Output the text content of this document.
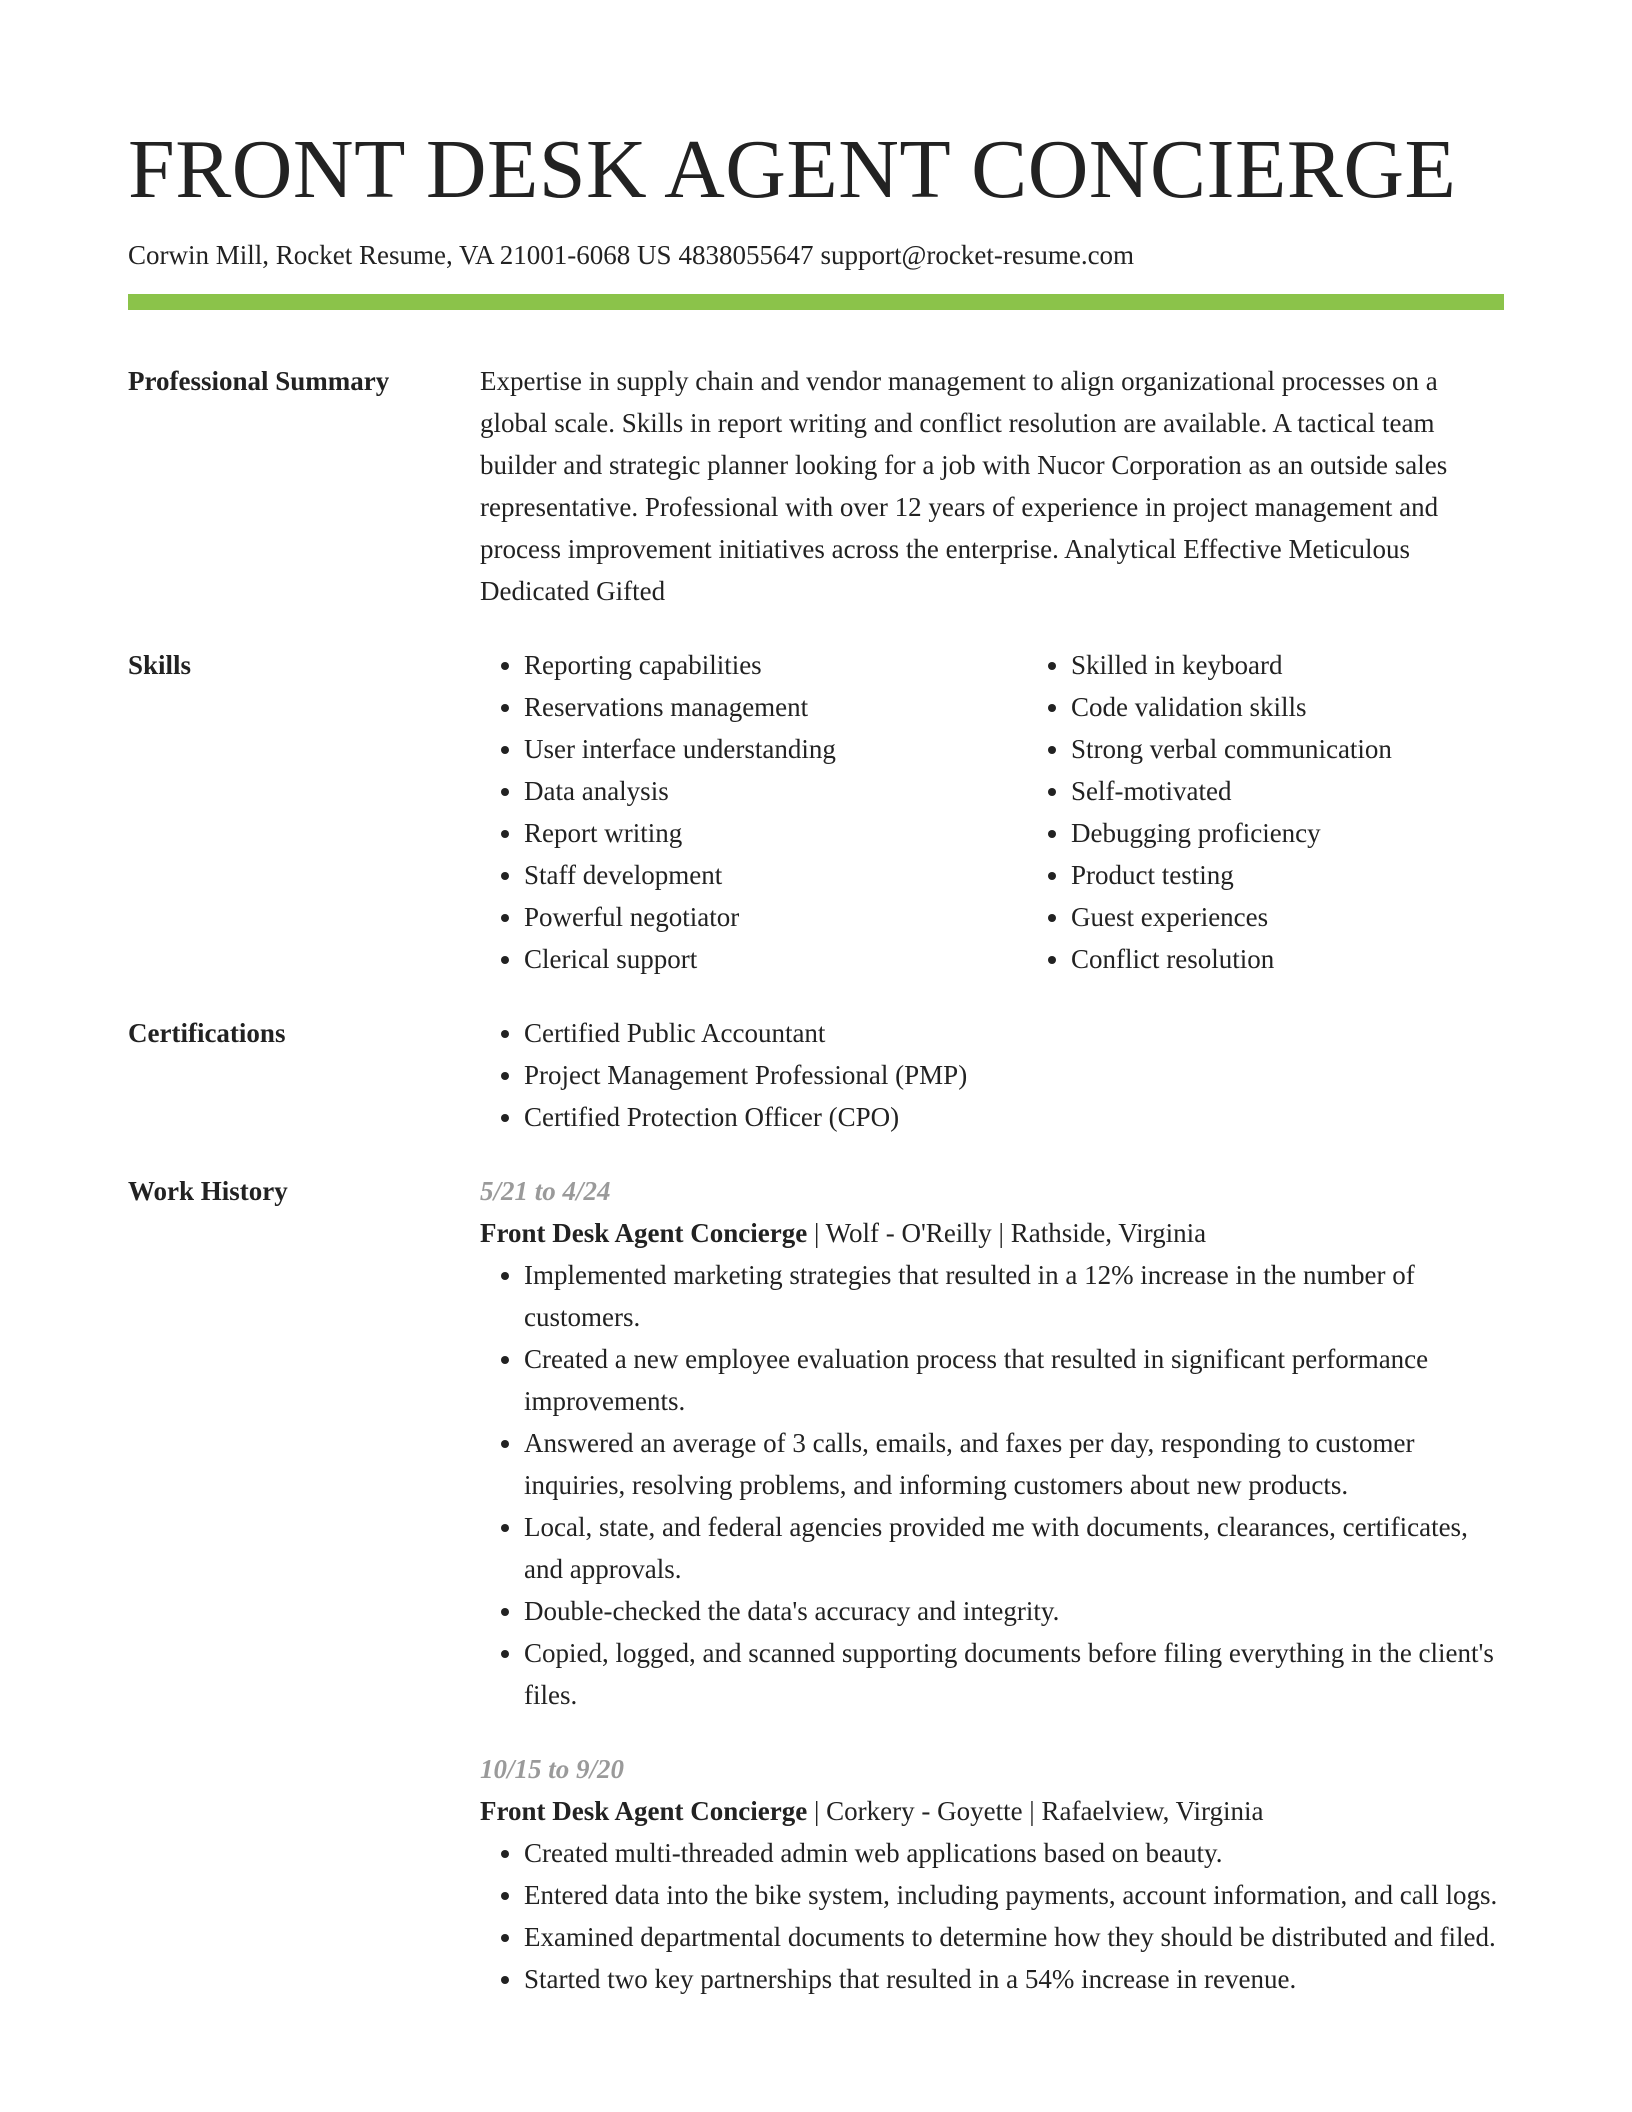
FRONT DESK AGENT CONCIERGE
Corwin Mill, Rocket Resume, VA 21001-6068 US 4838055647 support@rocket-resume.com
Professional Summary	Expertise in supply chain and vendor management to align organizational processes on a global scale. Skills in report writing and conflict resolution are available. A tactical team builder and strategic planner looking for a job with Nucor Corporation as an outside sales representative. Professional with over 12 years of experience in project management and process improvement initiatives across the enterprise. Analytical Effective Meticulous Dedicated Gifted
Skills	• Reporting capabilities
• Reservations management
• User interface understanding
• Data analysis
• Report writing
• Staff development
• Powerful negotiator
• Clerical support
• Skilled in keyboard
• Code validation skills
• Strong verbal communication
• Self-motivated
• Debugging proficiency
• Product testing
• Guest experiences
• Conflict resolution
Certifications	• Certified Public Accountant
• Project Management Professional (PMP)
• Certified Protection Officer (CPO)
Work History	5/21 to 4/24
Front Desk Agent Concierge | Wolf - O'Reilly | Rathside, Virginia
• Implemented marketing strategies that resulted in a 12% increase in the number of customers.
• Created a new employee evaluation process that resulted in significant performance improvements.
• Answered an average of 3 calls, emails, and faxes per day, responding to customer inquiries, resolving problems, and informing customers about new products.
• Local, state, and federal agencies provided me with documents, clearances, certificates, and approvals.
• Double-checked the data's accuracy and integrity.
• Copied, logged, and scanned supporting documents before filing everything in the client's files.
10/15 to 9/20
Front Desk Agent Concierge | Corkery - Goyette | Rafaelview, Virginia
• Created multi-threaded admin web applications based on beauty.
• Entered data into the bike system, including payments, account information, and call logs.
• Examined departmental documents to determine how they should be distributed and filed.
• Started two key partnerships that resulted in a 54% increase in revenue.
